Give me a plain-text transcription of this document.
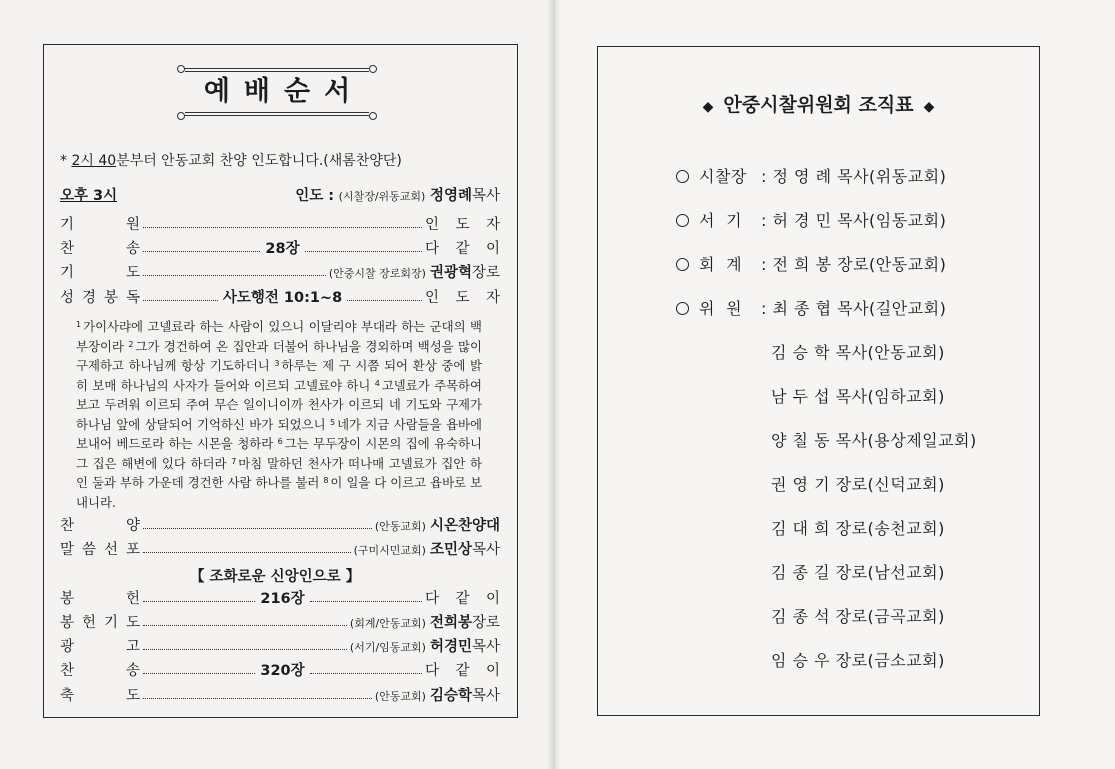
예배순서
* 2시 40분부터 안동교회 찬양 인도합니다.(새롬찬양단)
오후 3시	인도 : (시찰장/위동교회) 정영례목사
기	원	인 도 자
찬	송	28장	다 같 이
기	도	(안중시찰 장로회장) 권광혁 장로
성 경 봉 독	사도행전 10:1~8	인 도 자
$^1$ 가이사랴에 고넬료라 하는 사람이 있으니 이달리야 부대라 하는 군대의 백부장이라 $^2$ 그가 경건하여 온 집안과 더불어 하나님을 경외하며 백성을 많이 구제하고 하나님께 항상 기도하더니 $^3$ 하루는 제 구 시쯤 되어 환상 중에 밝히 보매 하나님의 사자가 들어와 이르되 고넬료야 하니 $^4$ 고넬료가 주목하여 보고 두려워 이르되 주여 무슨 일이니이까 천사가 이르되 네 기도와 구제가 하나님 앞에 상달되어 기억하신 바가 되었으니 $^5$ 네가 지금 사람들을 욥바에 보내어 베드로라 하는 시몬을 청하라 $^6$ 그는 무두장이 시몬의 집에 유숙하니 그 집은 해변에 있다 하더라 $^7$ 마침 말하던 천사가 떠나매 고넬료가 집안 하인 둘과 부하 가운데 경건한 사람 하나를 불러 $^8$ 이 일을 다 이르고 욥바로 보내니라.
찬	양	(안동교회) 시온찬양대
말 씀 선 포	(구미시민교회) 조민상 목사
【 조화로운 신앙인으로 】
봉	헌	216장	다 같 이
봉 헌 기 도	(회계/안동교회) 전희봉 장로
광	고	(서기/임동교회) 허경민 목사
찬	송	320장	다 같 이
축	도	(안동교회) 김승학 목사
◆ 안중시찰위원회 조직표 ◆
시찰장 : 정 영 례 목사(위동교회)
서  기 : 허 경 민 목사(임동교회)
회  계 : 전 희 봉 장로(안동교회)
위  원 : 최 종 협 목사(길안교회)
김 승 학 목사(안동교회)
남 두 섭 목사(임하교회)
양 칠 동 목사(용상제일교회)
권 영 기 장로(신덕교회)
김 대 희 장로(송천교회)
김 종 길 장로(남선교회)
김 종 석 장로(금곡교회)
임 승 우 장로(금소교회)
